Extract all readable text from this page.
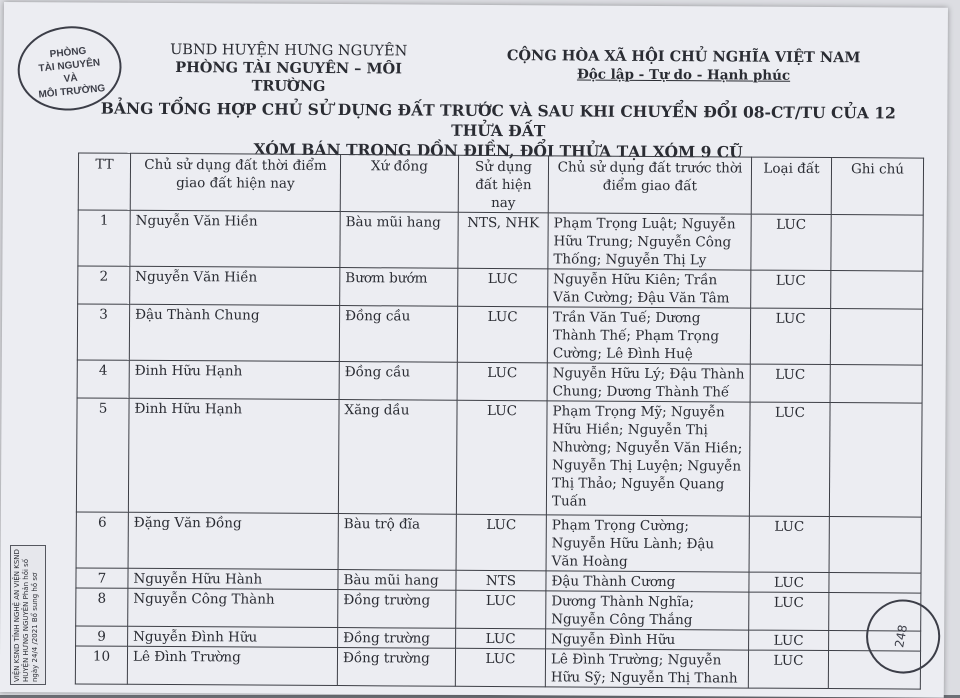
PHÒNG
TÀI NGUYÊN
VÀ
MÔI TRƯỜNG
UBND HUYỆN HƯNG NGUYÊN
PHÒNG TÀI NGUYÊN – MÔI TRƯỜNG
CỘNG HÒA XÃ HỘI CHỦ NGHĨA VIỆT NAM
Độc lập - Tự do - Hạnh phúc
BẢNG TỔNG HỢP CHỦ SỬ DỤNG ĐẤT TRƯỚC VÀ SAU KHI CHUYỂN ĐỔI 08-CT/TU CỦA 12 THỬA ĐẤT
XÓM BÁN TRONG DỒN ĐIỀN, ĐỔI THỬA TẠI XÓM 9 CŨ
TT	Chủ sử dụng đất thời điểm giao đất hiện nay	Xứ đồng	Sử dụng đất hiện nay	Chủ sử dụng đất trước thời điểm giao đất	Loại đất	Ghi chú
1	Nguyễn Văn Hiền	Bàu mũi hang	NTS, NHK	Phạm Trọng Luật; Nguyễn Hữu Trung; Nguyễn Công Thống; Nguyễn Thị Ly	LUC	
2	Nguyễn Văn Hiền	Bươm bướm	LUC	Nguyễn Hữu Kiên; Trần Văn Cường; Đậu Văn Tâm	LUC	
3	Đậu Thành Chung	Đồng cầu	LUC	Trần Văn Tuế; Dương Thành Thế; Phạm Trọng Cường; Lê Đình Huệ	LUC	
4	Đinh Hữu Hạnh	Đồng cầu	LUC	Nguyễn Hữu Lý; Đậu Thành Chung; Dương Thành Thế	LUC	
5	Đinh Hữu Hạnh	Xăng dầu	LUC	Phạm Trọng Mỹ; Nguyễn Hữu Hiền; Nguyễn Thị Nhường; Nguyễn Văn Hiền; Nguyễn Thị Luyện; Nguyễn Thị Thảo; Nguyễn Quang Tuấn	LUC	
6	Đặng Văn Đồng	Bàu trộ đĩa	LUC	Phạm Trọng Cường; Nguyễn Hữu Lành; Đậu Văn Hoàng	LUC	
7	Nguyễn Hữu Hành	Bàu mũi hang	NTS	Đậu Thành Cương	LUC	
8	Nguyễn Công Thành	Đồng trường	LUC	Dương Thành Nghĩa; Nguyễn Công Thắng	LUC	
9	Nguyễn Đình Hữu	Đồng trường	LUC	Nguyễn Đình Hữu	LUC	
10	Lê Đình Trường	Đồng trường	LUC	Lê Đình Trường; Nguyễn Hữu Sỹ; Nguyễn Thị Thanh	LUC	
248
VIỆN KSND TỈNH NGHỆ AN VIỆN KSND HUYỆN HƯNG NGUYÊN Phản hồi số ngày 24/4 /2021 Bổ sung hồ sơ
